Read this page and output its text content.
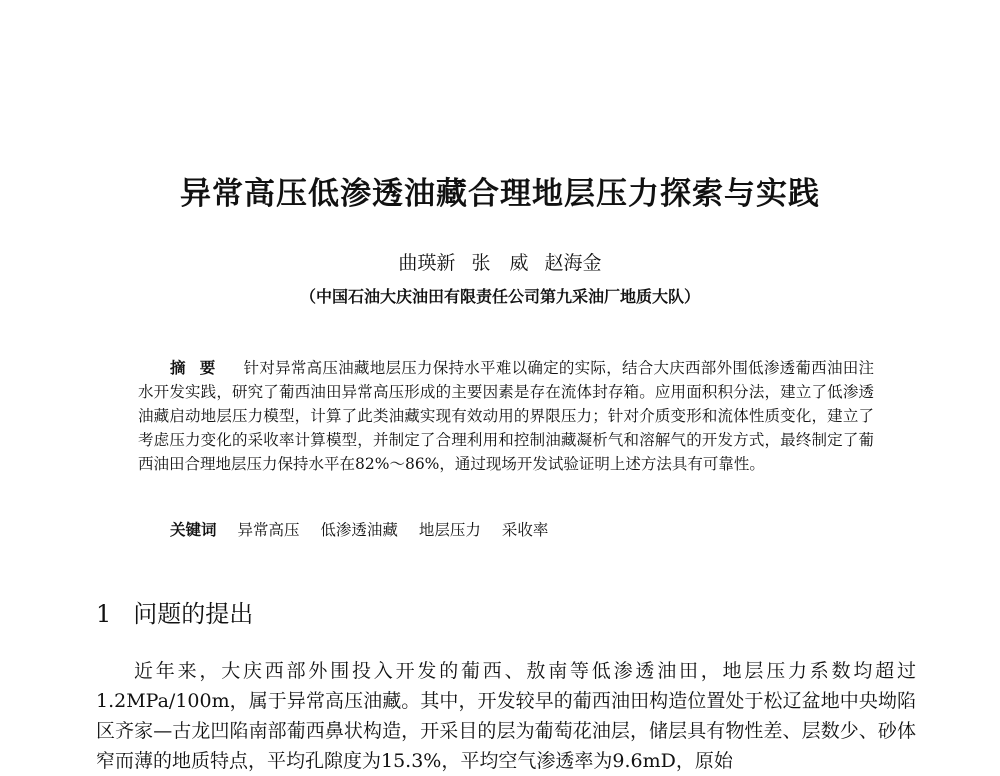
异常高压低渗透油藏合理地层压力探索与实践
曲瑛新 张　威 赵海金
（中国石油大庆油田有限责任公司第九采油厂地质大队）
摘要 针对异常高压油藏地层压力保持水平难以确定的实际，结合大庆西部外围低渗透葡西油田注水开发实践，研究了葡西油田异常高压形成的主要因素是存在流体封存箱。应用面积积分法，建立了低渗透油藏启动地层压力模型，计算了此类油藏实现有效动用的界限压力；针对介质变形和流体性质变化，建立了考虑压力变化的采收率计算模型，并制定了合理利用和控制油藏凝析气和溶解气的开发方式，最终制定了葡西油田合理地层压力保持水平在82%～86%，通过现场开发试验证明上述方法具有可靠性。
关键词 异常高压 低渗透油藏 地层压力 采收率
1 问题的提出
近年来，大庆西部外围投入开发的葡西、敖南等低渗透油田，地层压力系数均超过1.2MPa/100m，属于异常高压油藏。其中，开发较早的葡西油田构造位置处于松辽盆地中央坳陷区齐家—古龙凹陷南部葡西鼻状构造，开采目的层为葡萄花油层，储层具有物性差、层数少、砂体窄而薄的地质特点，平均孔隙度为15.3%，平均空气渗透率为9.6mD，原始
